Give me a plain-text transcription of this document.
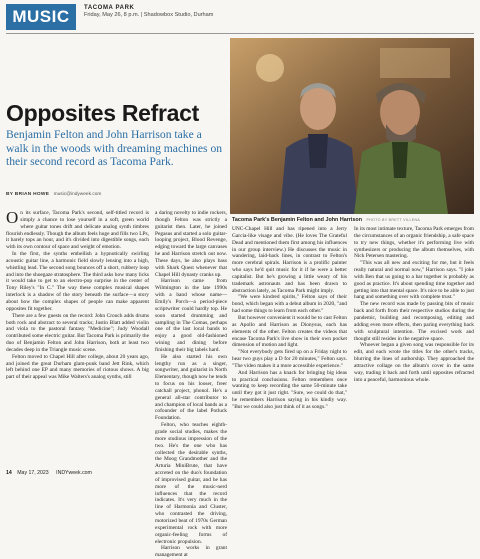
MUSIC	TACOMA PARK
Friday, May 26, 8 p.m. | Shadowbox Studio, Durham
Opposites Refract

Benjamin Felton and John Harrison take a walk in the woods with dreaming machines on their second record as Tacoma Park.

BY BRIAN HOWE music@indyweek.com
Tacoma Park's Benjamin Felton and John Harrison PHOTO BY BRETT VILLENA

On its surface, Tacoma Park's second, self-titled record is simply a chance to lose yourself in a soft, green world where guitar tones drift and delicate analog synth timbres flourish endlessly. Though the album feels huge and fills two LPs, it barely tops an hour, and it's divided into digestible songs, each with its own contour of space and weight of emotion.

In the first, the synths embellish a hypnotically swirling acoustic guitar line, a harmonic field slowly lensing into a high, whistling lead. The second song bounces off a short, rubbery loop and into the shoegaze stratosphere. The third asks how many licks it would take to get to an electro-pop surprise in the center of Tony Riley's "In C." The way these complex musical shapes interlock is a shadow of the story beneath the surface—a story about how the complex shapes of people can make apparent opposites fit together.

There are a few guests on the record: John Crouch adds drums both rock and abstract to several tracks; Justin Blatt added violin and viola to the pastoral fantasy "Medicine"; Judy Woodall contributed some electric guitar. But Tacoma Park is primarily the duo of Benjamin Felton and John Harrison, both at least two decades deep in the Triangle music scene.

Felton moved to Chapel Hill after college, about 20 years ago, and joined the great Durham glam-punk band Jett Rink, which left behind one EP and many memories of riotous shows. A big part of their appeal was Mike Walters's analog synths, still

a daring novelty to indie rockers, though Felton was strictly a guitarist then. Later, he joined Pegasus and started a solo guitar-looping project, Blood Revenge, edging toward the large canvases he and Harrison stretch out now. These days, he also plays bass with Shark Quest whenever that Chapel Hill dynasty cranks up.

Harrison came from Wilmington in the late 1990s with a band whose name—Emily's Porch—a period-piece scriptwriter could hardly top. He soon started drumming and sampling in The Comas, perhaps one of the last local bands to enjoy a good old-fashioned wining and dining before finishing their big labels hard.

He also started his own lengthy run as a singer, songwriter, and guitarist in North Elementary, though now he tends to focus on his looser, freer catchall project, phonol. He's a general all-star contributor to and champion of local bands as a cofounder of the label Potluck Foundation.

Felton, who teaches eighth-grade social studies, makes the more studious impression of the two. He's the one who has collected the desirable synths, the Moog Grandmother and the Arturia MiniBrute, that have accreted on the duo's foundation of improvised guitar, and he has more of the music-nerd influences that the record indicates. It's very much in the line of Harmonia and Cluster, who contrasted the driving, motorized beat of 1970s German experimental rock with more organic-feeling forms of electronic propulsion.

Harrison works in grant management at

UNC-Chapel Hill and has ripened into a Jerry Garcia-like visage and vibe. (He loves The Grateful Dead and mentioned them first among his influences in our group interview.) He discusses the music in wandering, laid-back lines, in contrast to Felton's more cerebral spirals. Harrison is a prolific painter who says he'd quit music for it if he were a better capitalist. But he's growing a little weary of his trademark astronauts and has been drawn to abstraction lately, as Tacoma Park might imply.

"We were kindred spirits," Felton says of their bond, which began with a debut album in 2020, "and had some things to learn from each other."

But however convenient it would be to cast Felton as Apollo and Harrison as Dionysus, each has elements of the other. Felton creates the videos that encase Tacoma Park's live show in their own pocket dimension of motion and light.

"Not everybody gets fired up on a Friday night to hear two guys play a D for 20 minutes," Felton says. "The video makes it a more accessible experience."

And Harrison has a knack for bringing big ideas to practical conclusions. Felton remembers once wanting to keep recording the same 50-minute take until they got it just right. "Sure, we could do that," he remembers Harrison saying in his kindly way. "But we could also just think of it as songs."

In its most intimate texture, Tacoma Park emerges from the circumstances of an organic friendship, a safe space to try new things, whether it's performing live with synthesizers or producing the album themselves, with Nick Petersen mastering.

"This was all new and exciting for me, but it feels really natural and normal now," Harrison says. "I joke with Ben that us going to a bar together is probably as good as practice. It's about spending time together and getting into that mental space. It's nice to be able to just hang and something over with complete trust."

The new record was made by passing bits of music back and forth from their respective studios during the pandemic, building and recomposing, editing and adding even more effects, then paring everything back with sculptural intention. The excised work and thought still resides in the negative space.

Whoever began a given song was responsible for its edit, and each wrote the titles for the other's tracks, blurring the lines of authorship. They approached the attractive collage on the album's cover in the same way, trading it back and forth until opposites refracted into a peaceful, harmonious whole.

14 May 17, 2023 INDYweek.com
